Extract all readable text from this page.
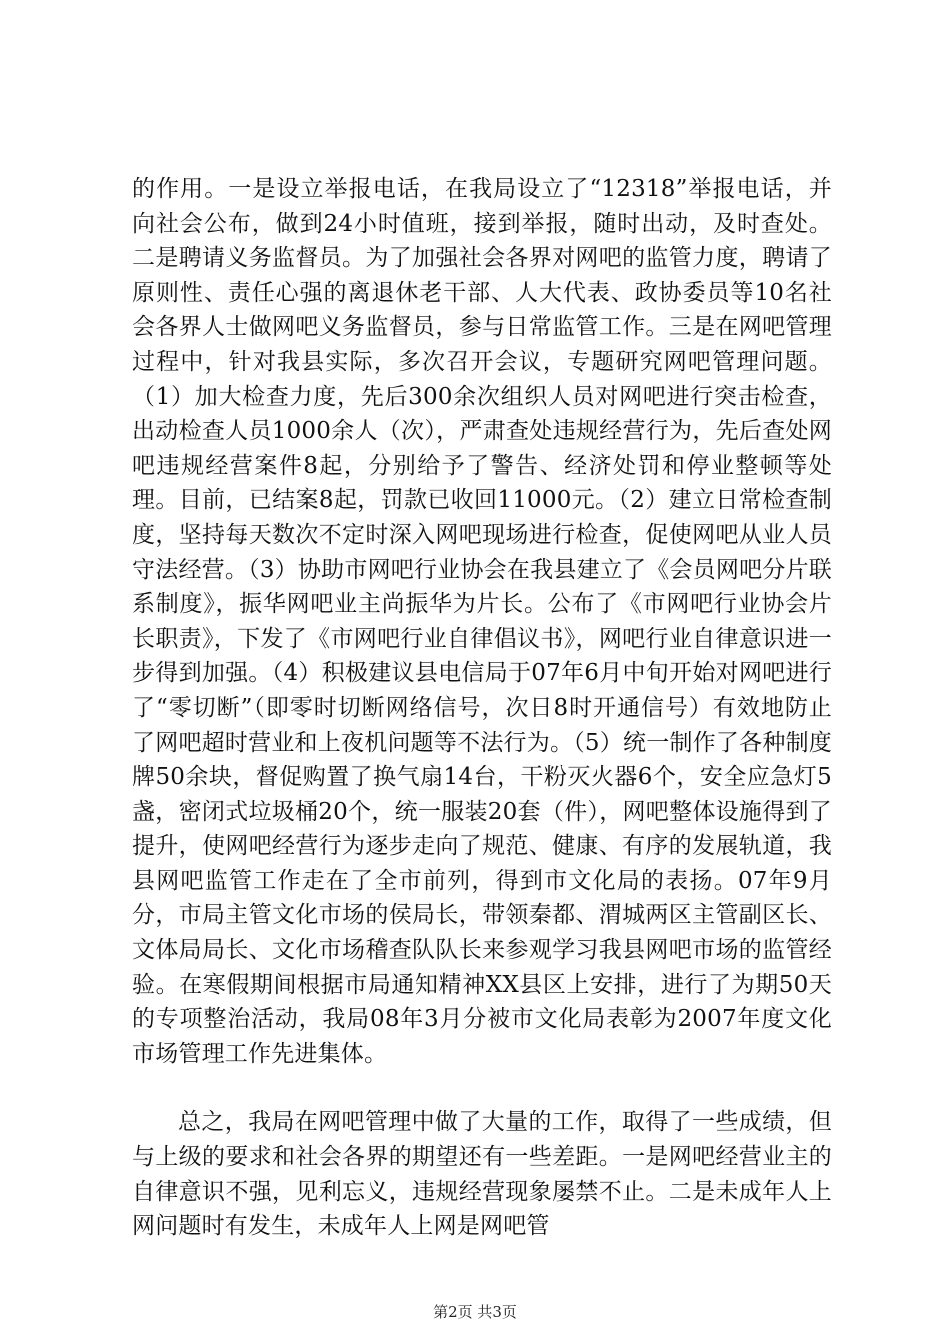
的作用。一是设立举报电话，在我局设立了“12318”举报电话，并向社会公布，做到24小时值班，接到举报，随时出动，及时查处。二是聘请义务监督员。为了加强社会各界对网吧的监管力度，聘请了原则性、责任心强的离退休老干部、人大代表、政协委员等10名社会各界人士做网吧义务监督员，参与日常监管工作。三是在网吧管理过程中，针对我县实际，多次召开会议，专题研究网吧管理问题。（1）加大检查力度，先后300余次组织人员对网吧进行突击检查，出动检查人员1000余人（次），严肃查处违规经营行为，先后查处网吧违规经营案件8起，分别给予了警告、经济处罚和停业整顿等处理。目前，已结案8起，罚款已收回11000元。（2）建立日常检查制度，坚持每天数次不定时深入网吧现场进行检查，促使网吧从业人员守法经营。（3）协助市网吧行业协会在我县建立了《会员网吧分片联系制度》，振华网吧业主尚振华为片长。公布了《市网吧行业协会片长职责》，下发了《市网吧行业自律倡议书》，网吧行业自律意识进一步得到加强。（4）积极建议县电信局于07年6月中旬开始对网吧进行了“零切断”（即零时切断网络信号，次日8时开通信号）有效地防止了网吧超时营业和上夜机问题等不法行为。（5）统一制作了各种制度牌50余块，督促购置了换气扇14台，干粉灭火器6个，安全应急灯5盏，密闭式垃圾桶20个，统一服装20套（件），网吧整体设施得到了提升，使网吧经营行为逐步走向了规范、健康、有序的发展轨道，我县网吧监管工作走在了全市前列，得到市文化局的表扬。07年9月分，市局主管文化市场的侯局长，带领秦都、渭城两区主管副区长、文体局局长、文化市场稽查队队长来参观学习我县网吧市场的监管经验。在寒假期间根据市局通知精神XX县区上安排，进行了为期50天的专项整治活动，我局08年3月分被市文化局表彰为2007年度文化市场管理工作先进集体。

总之，我局在网吧管理中做了大量的工作，取得了一些成绩，但与上级的要求和社会各界的期望还有一些差距。一是网吧经营业主的自律意识不强，见利忘义，违规经营现象屡禁不止。二是未成年人上网问题时有发生，未成年人上网是网吧管

第2页 共3页
